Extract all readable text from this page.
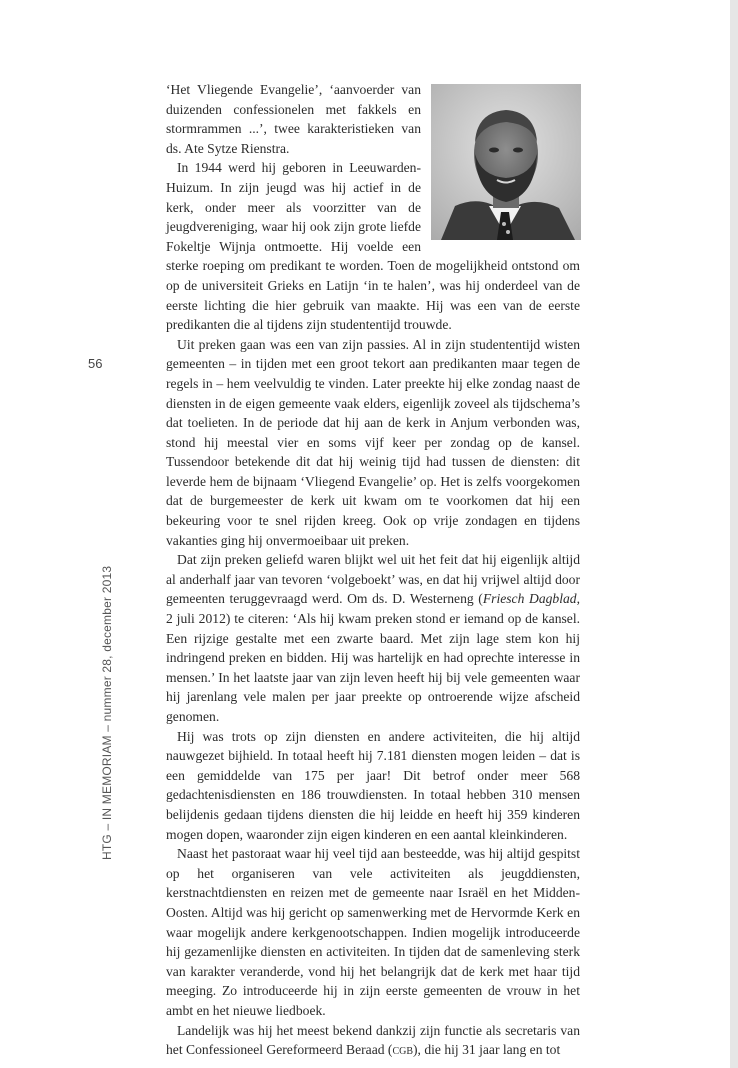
56
HTG – IN MEMORIAM – nummer 28, december 2013

‘Het Vliegende Evangelie’, ‘aanvoerder van duizenden confessionelen met fakkels en stormrammen ...’, twee karakteristieken van ds. Ate Sytze Rienstra.

In 1944 werd hij geboren in Leeuwarden-Huizum. In zijn jeugd was hij actief in de kerk, onder meer als voorzitter van de jeugdvereniging, waar hij ook zijn grote liefde Fokeltje Wijnja ontmoette. Hij voelde een sterke roeping om predikant te worden. Toen de mogelijkheid ontstond om op de universiteit Grieks en Latijn ‘in te halen’, was hij onderdeel van de eerste lichting die hier gebruik van maakte. Hij was een van de eerste predikanten die al tijdens zijn studententijd trouwde.

Uit preken gaan was een van zijn passies. Al in zijn studententijd wisten gemeenten – in tijden met een groot tekort aan predikanten maar tegen de regels in – hem veelvuldig te vinden. Later preekte hij elke zondag naast de diensten in de eigen gemeente vaak elders, eigenlijk zoveel als tijdschema’s dat toelieten. In de periode dat hij aan de kerk in Anjum verbonden was, stond hij meestal vier en soms vijf keer per zondag op de kansel. Tussendoor betekende dit dat hij weinig tijd had tussen de diensten: dit leverde hem de bijnaam ‘Vliegend Evangelie’ op. Het is zelfs voorgekomen dat de burgemeester de kerk uit kwam om te voorkomen dat hij een bekeuring voor te snel rijden kreeg. Ook op vrije zondagen en tijdens vakanties ging hij onvermoeibaar uit preken.

Dat zijn preken geliefd waren blijkt wel uit het feit dat hij eigenlijk altijd al anderhalf jaar van tevoren ‘volgeboekt’ was, en dat hij vrijwel altijd door gemeenten teruggevraagd werd. Om ds. D. Westerneng (Friesch Dagblad, 2 juli 2012) te citeren: ‘Als hij kwam preken stond er iemand op de kansel. Een rijzige gestalte met een zwarte baard. Met zijn lage stem kon hij indringend preken en bidden. Hij was hartelijk en had oprechte interesse in mensen.’ In het laatste jaar van zijn leven heeft hij bij vele gemeenten waar hij jarenlang vele malen per jaar preekte op ontroerende wijze afscheid genomen.

Hij was trots op zijn diensten en andere activiteiten, die hij altijd nauwgezet bijhield. In totaal heeft hij 7.181 diensten mogen leiden – dat is een gemiddelde van 175 per jaar! Dit betrof onder meer 568 gedachtenisdiensten en 186 trouwdiensten. In totaal hebben 310 mensen belijdenis gedaan tijdens diensten die hij leidde en heeft hij 359 kinderen mogen dopen, waaronder zijn eigen kinderen en een aantal kleinkinderen.

Naast het pastoraat waar hij veel tijd aan besteedde, was hij altijd gespitst op het organiseren van vele activiteiten als jeugddiensten, kerstnachtdiensten en reizen met de gemeente naar Israël en het Midden-Oosten. Altijd was hij gericht op samenwerking met de Hervormde Kerk en waar mogelijk andere kerkgenootschappen. Indien mogelijk introduceerde hij gezamenlijke diensten en activiteiten. In tijden dat de samenleving sterk van karakter veranderde, vond hij het belangrijk dat de kerk met haar tijd meeging. Zo introduceerde hij in zijn eerste gemeenten de vrouw in het ambt en het nieuwe liedboek.

Landelijk was hij het meest bekend dankzij zijn functie als secretaris van het Confessioneel Gereformeerd Beraad (cgb), die hij 31 jaar lang en tot
